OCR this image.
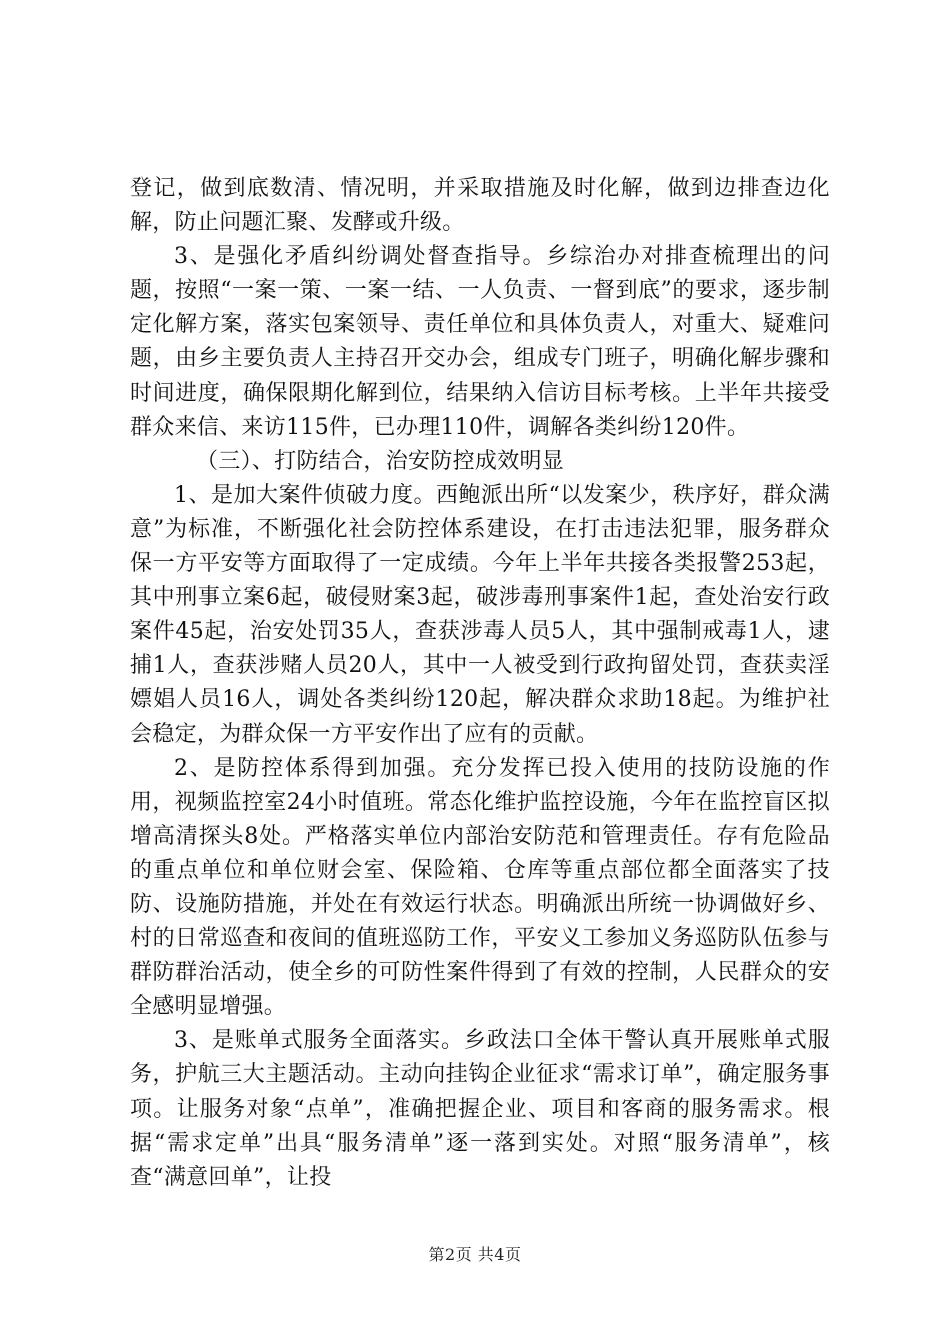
登记，做到底数清、情况明，并采取措施及时化解，做到边排查边化解，防止问题汇聚、发酵或升级。

3、是强化矛盾纠纷调处督查指导。乡综治办对排查梳理出的问题，按照“一案一策、一案一结、一人负责、一督到底”的要求，逐步制定化解方案，落实包案领导、责任单位和具体负责人，对重大、疑难问题，由乡主要负责人主持召开交办会，组成专门班子，明确化解步骤和时间进度，确保限期化解到位，结果纳入信访目标考核。上半年共接受群众来信、来访115件，已办理110件，调解各类纠纷120件。

（三）、打防结合，治安防控成效明显

1、是加大案件侦破力度。西鲍派出所“以发案少，秩序好，群众满意”为标准，不断强化社会防控体系建设，在打击违法犯罪，服务群众保一方平安等方面取得了一定成绩。今年上半年共接各类报警253起，其中刑事立案6起，破侵财案3起，破涉毒刑事案件1起，查处治安行政案件45起，治安处罚35人，查获涉毒人员5人，其中强制戒毒1人，逮捕1人，查获涉赌人员20人，其中一人被受到行政拘留处罚，查获卖淫嫖娼人员16人，调处各类纠纷120起，解决群众求助18起。为维护社会稳定，为群众保一方平安作出了应有的贡献。

2、是防控体系得到加强。充分发挥已投入使用的技防设施的作用，视频监控室24小时值班。常态化维护监控设施，今年在监控盲区拟增高清探头8处。严格落实单位内部治安防范和管理责任。存有危险品的重点单位和单位财会室、保险箱、仓库等重点部位都全面落实了技防、设施防措施，并处在有效运行状态。明确派出所统一协调做好乡、村的日常巡查和夜间的值班巡防工作，平安义工参加义务巡防队伍参与群防群治活动，使全乡的可防性案件得到了有效的控制，人民群众的安全感明显增强。

3、是账单式服务全面落实。乡政法口全体干警认真开展账单式服务，护航三大主题活动。主动向挂钩企业征求“需求订单”，确定服务事项。让服务对象“点单”，准确把握企业、项目和客商的服务需求。根据“需求定单”出具“服务清单”逐一落到实处。对照“服务清单”，核查“满意回单”，让投

第2页 共4页
